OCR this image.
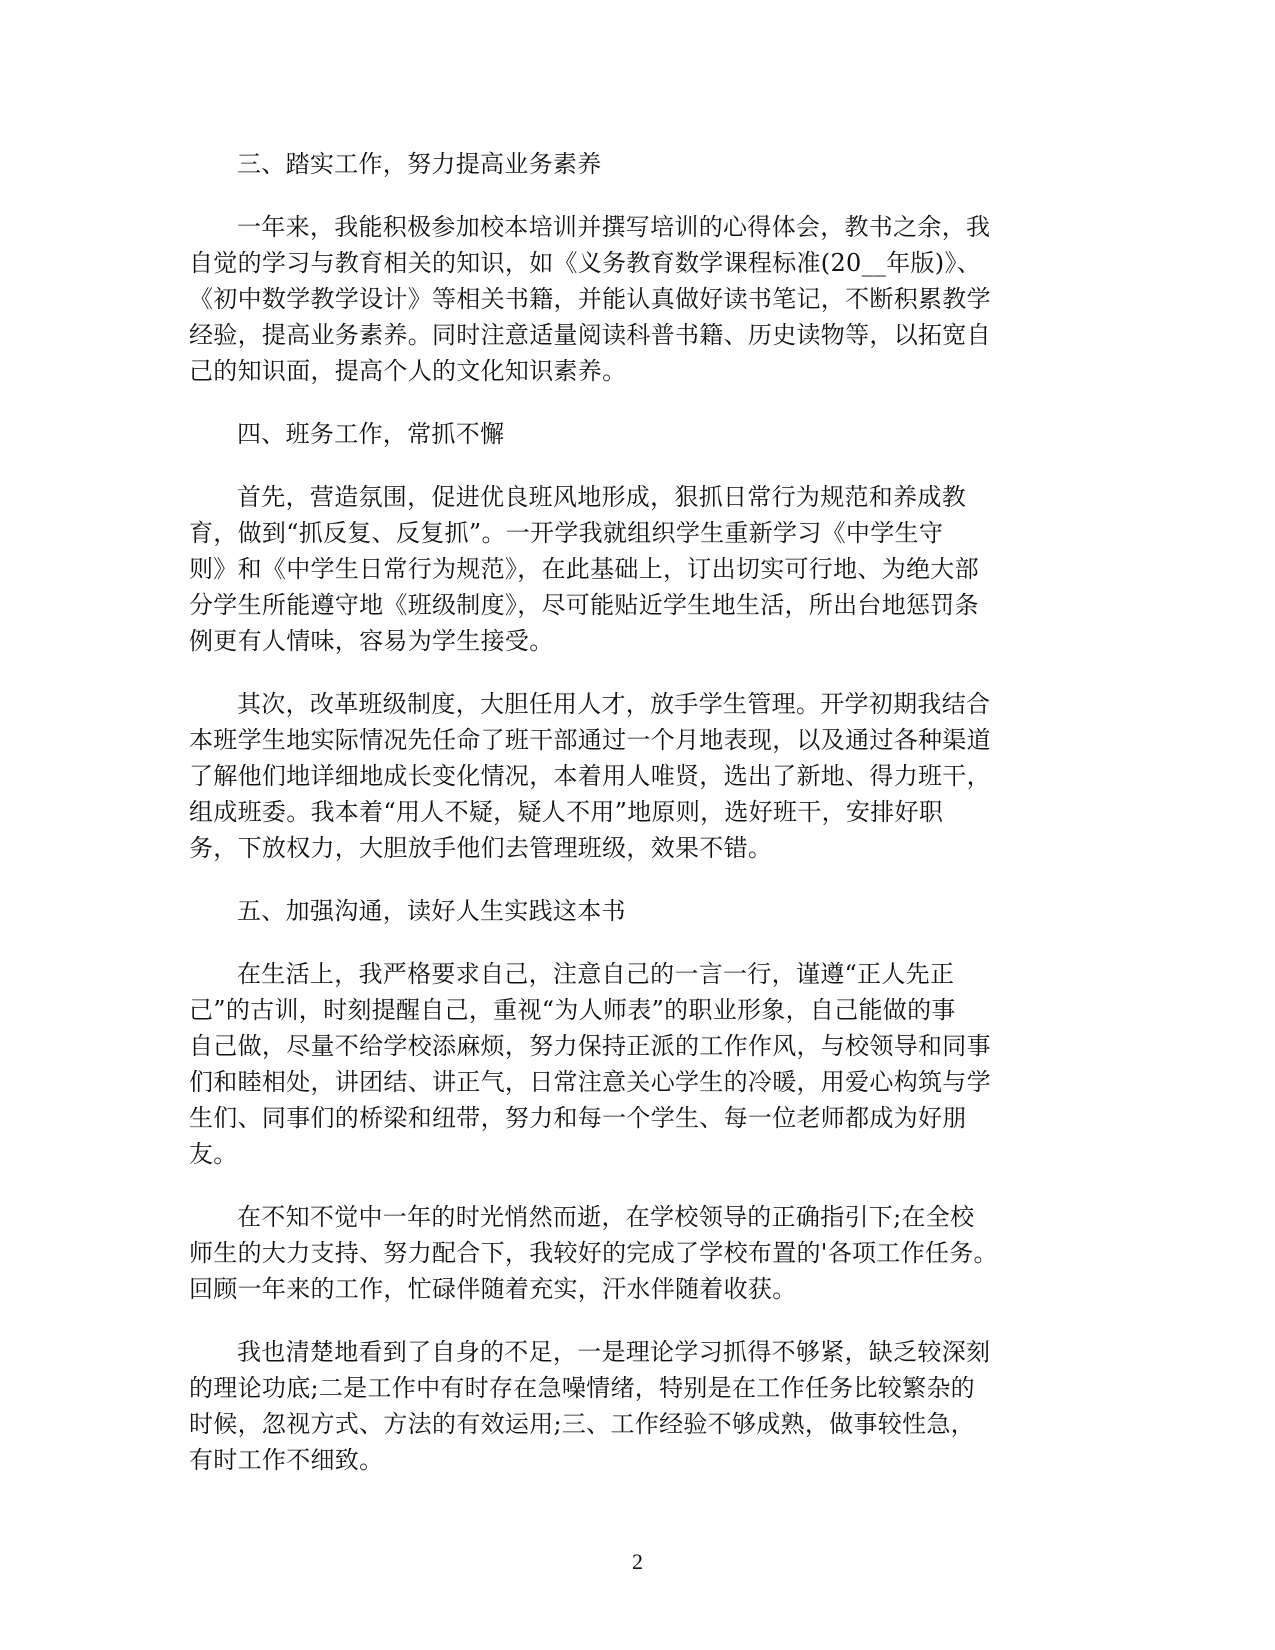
三、踏实工作，努力提高业务素养

一年来，我能积极参加校本培训并撰写培训的心得体会，教书之余，我
自觉的学习与教育相关的知识，如《义务教育数学课程标准(20__年版)》、
《初中数学教学设计》等相关书籍，并能认真做好读书笔记，不断积累教学
经验，提高业务素养。同时注意适量阅读科普书籍、历史读物等，以拓宽自
己的知识面，提高个人的文化知识素养。

四、班务工作，常抓不懈

首先，营造氛围，促进优良班风地形成，狠抓日常行为规范和养成教
育，做到“抓反复、反复抓”。一开学我就组织学生重新学习《中学生守
则》和《中学生日常行为规范》，在此基础上，订出切实可行地、为绝大部
分学生所能遵守地《班级制度》，尽可能贴近学生地生活，所出台地惩罚条
例更有人情味，容易为学生接受。

其次，改革班级制度，大胆任用人才，放手学生管理。开学初期我结合
本班学生地实际情况先任命了班干部通过一个月地表现，以及通过各种渠道
了解他们地详细地成长变化情况，本着用人唯贤，选出了新地、得力班干，
组成班委。我本着“用人不疑，疑人不用”地原则，选好班干，安排好职
务，下放权力，大胆放手他们去管理班级，效果不错。

五、加强沟通，读好人生实践这本书

在生活上，我严格要求自己，注意自己的一言一行，谨遵“正人先正
己”的古训，时刻提醒自己，重视“为人师表”的职业形象，自己能做的事
自己做，尽量不给学校添麻烦，努力保持正派的工作作风，与校领导和同事
们和睦相处，讲团结、讲正气，日常注意关心学生的冷暖，用爱心构筑与学
生们、同事们的桥梁和纽带，努力和每一个学生、每一位老师都成为好朋
友。

在不知不觉中一年的时光悄然而逝，在学校领导的正确指引下;在全校
师生的大力支持、努力配合下，我较好的完成了学校布置的'各项工作任务。
回顾一年来的工作，忙碌伴随着充实，汗水伴随着收获。

我也清楚地看到了自身的不足，一是理论学习抓得不够紧，缺乏较深刻
的理论功底;二是工作中有时存在急噪情绪，特别是在工作任务比较繁杂的
时候，忽视方式、方法的有效运用;三、工作经验不够成熟，做事较性急，
有时工作不细致。

2
